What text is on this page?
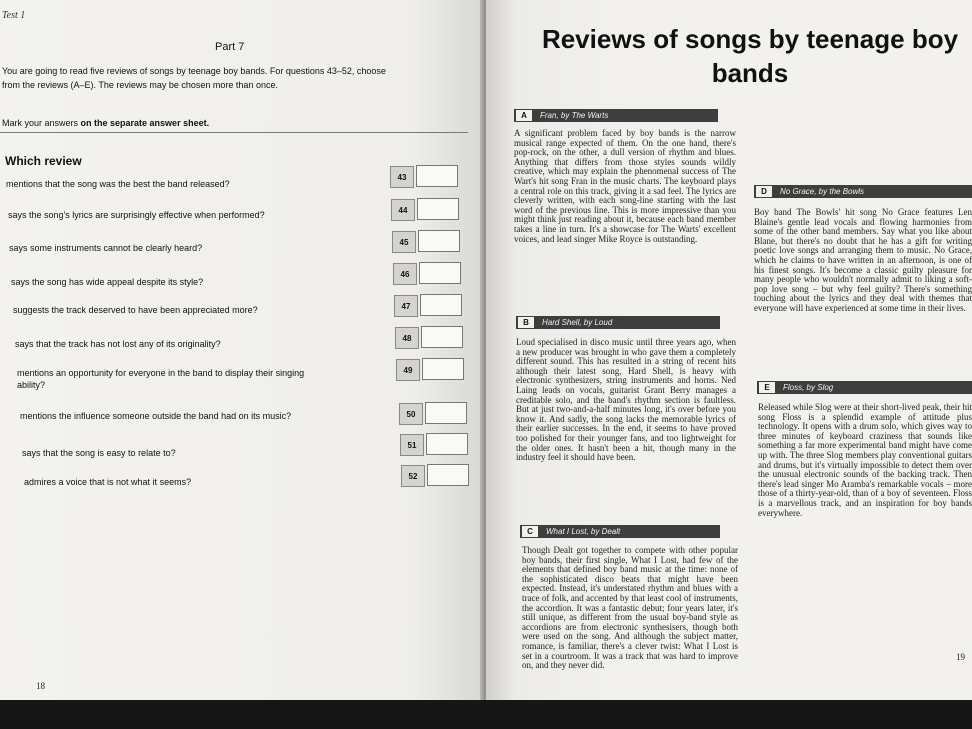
Test 1
Part 7
You are going to read five reviews of songs by teenage boy bands. For questions 43–52, choose
from the reviews (A–E). The reviews may be chosen more than once.
Mark your answers on the separate answer sheet.
Which review
mentions that the song was the best the band released?
43
says the song's lyrics are surprisingly effective when performed?	44
says some instruments cannot be clearly heard?
45
says the song has wide appeal despite its style?
46
suggests the track deserved to have been appreciated more?	47
says that the track has not lost any of its originality?
48
mentions an opportunity for everyone in the band to display their singing ability?
49
mentions the influence someone outside the band had on its music?	50
says that the song is easy to relate to?
51
admires a voice that is not what it seems?
52
18
Reviews of songs by teenage boy bands
A	Fran, by The Warts
A significant problem faced by boy bands is the narrow musical range expected of them. On the one hand, there's pop-rock, on the other, a dull version of rhythm and blues. Anything that differs from those styles sounds wildly creative, which may explain the phenomenal success of The Wart's hit song Fran in the music charts. The keyboard plays a central role on this track, giving it a sad feel. The lyrics are cleverly written, with each song-line starting with the last word of the previous line. This is more impressive than you might think just reading about it, because each band member takes a line in turn. It's a showcase for The Warts' excellent voices, and lead singer Mike Royce is outstanding.
B	Hard Shell, by Loud
Loud specialised in disco music until three years ago, when a new producer was brought in who gave them a completely different sound. This has resulted in a string of recent hits although their latest song, Hard Shell, is heavy with electronic synthesizers, string instruments and horns. Ned Laing leads on vocals, guitarist Grant Berry manages a creditable solo, and the band's rhythm section is faultless. But at just two-and-a-half minutes long, it's over before you know it. And sadly, the song lacks the memorable lyrics of their earlier successes. In the end, it seems to have proved too polished for their younger fans, and too lightweight for the older ones. It hasn't been a hit, though many in the industry feel it should have been.
C	What I Lost, by Dealt
Though Dealt got together to compete with other popular boy bands, their first single, What I Lost, had few of the elements that defined boy band music at the time: none of the sophisticated disco beats that might have been expected. Instead, it's understated rhythm and blues with a trace of folk, and accented by that least cool of instruments, the accordion. It was a fantastic debut; four years later, it's still unique, as different from the usual boy-band style as accordions are from electronic synthesisers, though both were used on the song. And although the subject matter, romance, is familiar, there's a clever twist: What I Lost is set in a courtroom. It was a track that was hard to improve on, and they never did.
D	No Grace, by the Bowls
Boy band The Bowls' hit song No Grace features Len Blaine's gentle lead vocals and flowing harmonies from some of the other band members. Say what you like about Blane, but there's no doubt that he has a gift for writing poetic love songs and arranging them to music. No Grace, which he claims to have written in an afternoon, is one of his finest songs. It's become a classic guilty pleasure for many people who wouldn't normally admit to liking a soft-pop love song – but why feel guilty? There's something touching about the lyrics and they deal with themes that everyone will have experienced at some time in their lives.
E	Floss, by Slog
Released while Slog were at their short-lived peak, their hit song Floss is a splendid example of attitude plus technology. It opens with a drum solo, which gives way to three minutes of keyboard craziness that sounds like something a far more experimental band might have come up with. The three Slog members play conventional guitars and drums, but it's virtually impossible to detect them over the unusual electronic sounds of the backing track. Then there's lead singer Mo Aramba's remarkable vocals – more those of a thirty-year-old, than of a boy of seventeen. Floss is a marvellous track, and an inspiration for boy bands everywhere.
19
